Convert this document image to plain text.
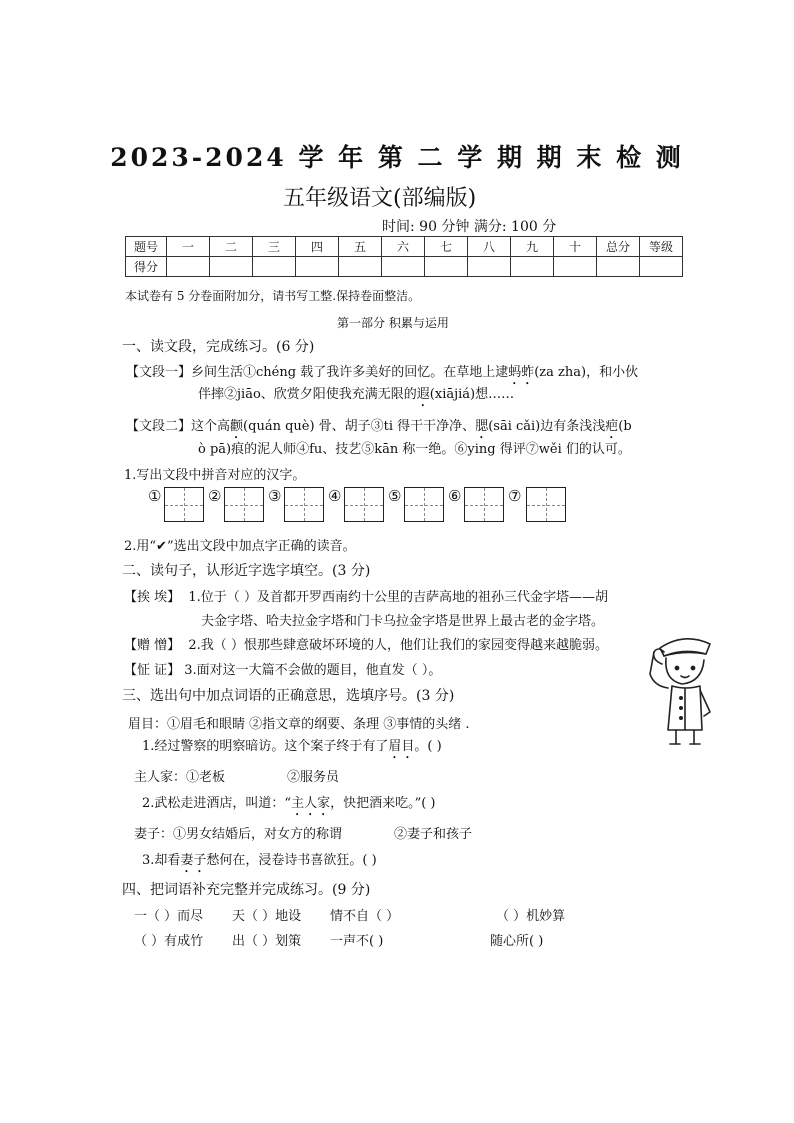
2023-2024 学 年 第 二 学 期 期 末 检 测
五年级语文(部编版)
时间: 90 分钟 满分: 100 分
题号	一	二	三	四	五	六	七	八	九	十	总分	等级
得分												
本试卷有 5 分卷面附加分，请书写工整.保持卷面整洁。
第一部分 积累与运用
一、读文段，完成练习。(6 分)
【文段一】乡间生活①chéng 载了我许多美好的回忆。在草地上逮蚂蚱(za zha)，和小伙
伴摔②jiāo、欣赏夕阳使我充满无限的遐(xiājiá)想……
【文段二】这个高颧(quán què) 骨、胡子③ti 得干干净净、腮(sāi cǎi)边有条浅浅疤(b
ò pā)痕的泥人师④fu、技艺⑤kān 称一绝。⑥ying 得评⑦wěi 们的认可。
1.写出文段中拼音对应的汉字。
①	②	③	④	⑤	⑥	⑦
2.用“✔”选出文段中加点字正确的读音。
二、读句子，认形近字选字填空。(3 分)
【挨 埃】 1.位于（ ）及首都开罗西南约十公里的吉萨高地的祖孙三代金字塔——胡
夫金字塔、哈夫拉金字塔和门卡乌拉金字塔是世界上最古老的金字塔。
【赠 憎】 2.我（ ）恨那些肆意破坏环境的人，他们让我们的家园变得越来越脆弱。
【怔 证】 3.面对这一大篇不会做的题目，他直发（ ）。
三、选出句中加点词语的正确意思，选填序号。(3 分)
眉目：①眉毛和眼睛 ②指文章的纲要、条理 ③事情的头绪 .
1.经过警察的明察暗访。这个案子终于有了眉目。( )
主人家：①老板	②服务员
2.武松走进酒店，叫道：“主人家，快把酒来吃。”( )
妻子：①男女结婚后，对女方的称谓	②妻子和孩子
3.却看妻子愁何在，浸卷诗书喜欲狂。( )
四、把词语补充完整并完成练习。(9 分)
一（ ）而尽 天（ ）地设 情不自（ ）	（ ）机妙算
（ ）有成竹 出（ ）划策 一声不( )	随心所( )
